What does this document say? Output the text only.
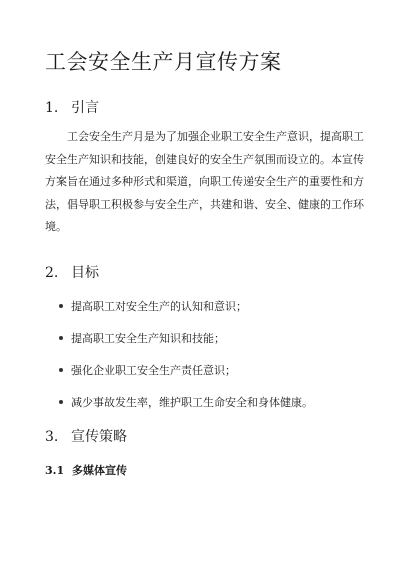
工会安全生产月宣传方案
1. 引言

工会安全生产月是为了加强企业职工安全生产意识，提高职工
安全生产知识和技能，创建良好的安全生产氛围而设立的。本宣传
方案旨在通过多种形式和渠道，向职工传递安全生产的重要性和方
法，倡导职工积极参与安全生产，共建和谐、安全、健康的工作环
境。

2. 目标
提高职工对安全生产的认知和意识；
提高职工安全生产知识和技能；
强化企业职工安全生产责任意识；
减少事故发生率，维护职工生命安全和身体健康。
3. 宣传策略
3.1 多媒体宣传
